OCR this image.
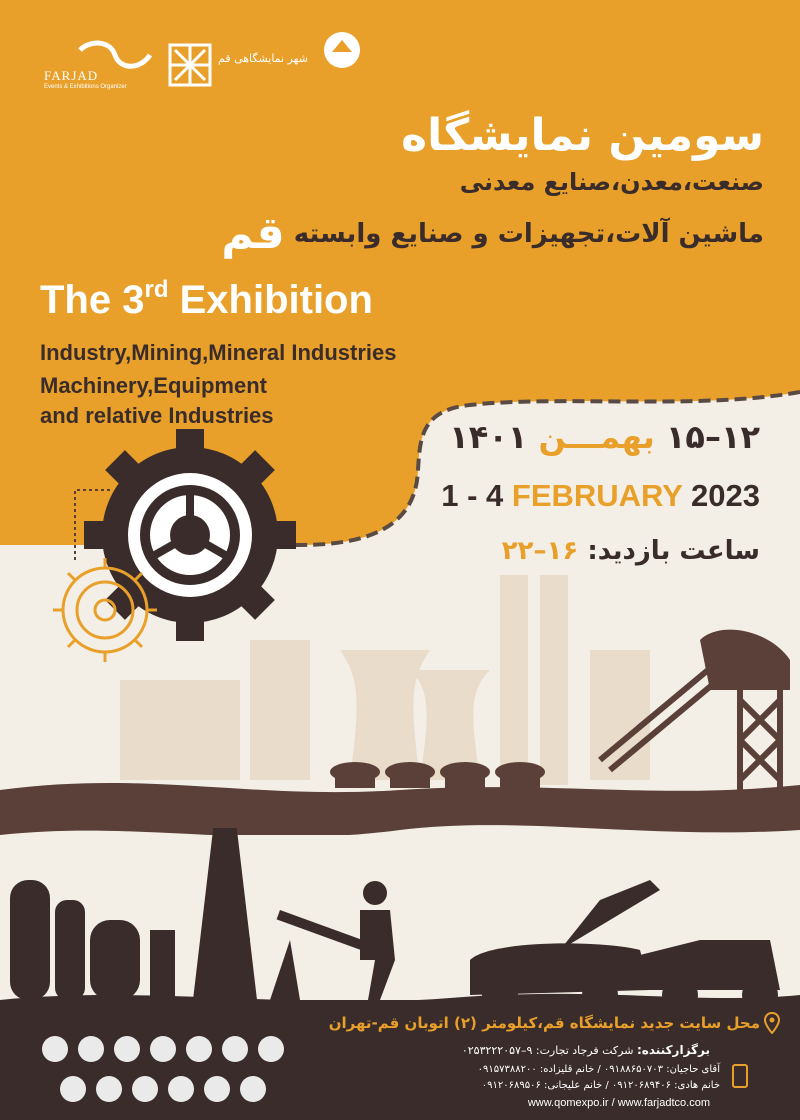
FARJAD
Events & Exhibitions Organizer
شهر نمایشگاهی قم
سومین نمایشگاه
صنعت،معدن،صنایع معدنی
ماشین آلات،تجهیزات و صنایع وابسته قم
The 3rd Exhibition
Industry,Mining,Mineral Industries
Machinery,Equipment
and relative Industries
۱۲–۱۵ بهمـــن ۱۴۰۱
1 - 4 FEBRUARY 2023
ساعت بازدید: ۱۶–۲۲
محل سایت جدید نمایشگاه قم،کیلومتر (۲) اتوبان قم-تهران
برگزارکننده: شرکت فرجاد تجارت: ۹–۰۲۵۳۲۲۲۰۵۷
آقای حاجیان: ۰۹۱۸۸۶۵۰۷۰۳ / خانم قلیزاده: ۰۹۱۵۷۳۸۸۲۰۰
خانم هادی: ۰۹۱۲۰۶۸۹۴۰۶ / خانم علیجانی: ۰۹۱۲۰۶۸۹۵۰۶
www.qomexpo.ir / www.farjadtco.com
